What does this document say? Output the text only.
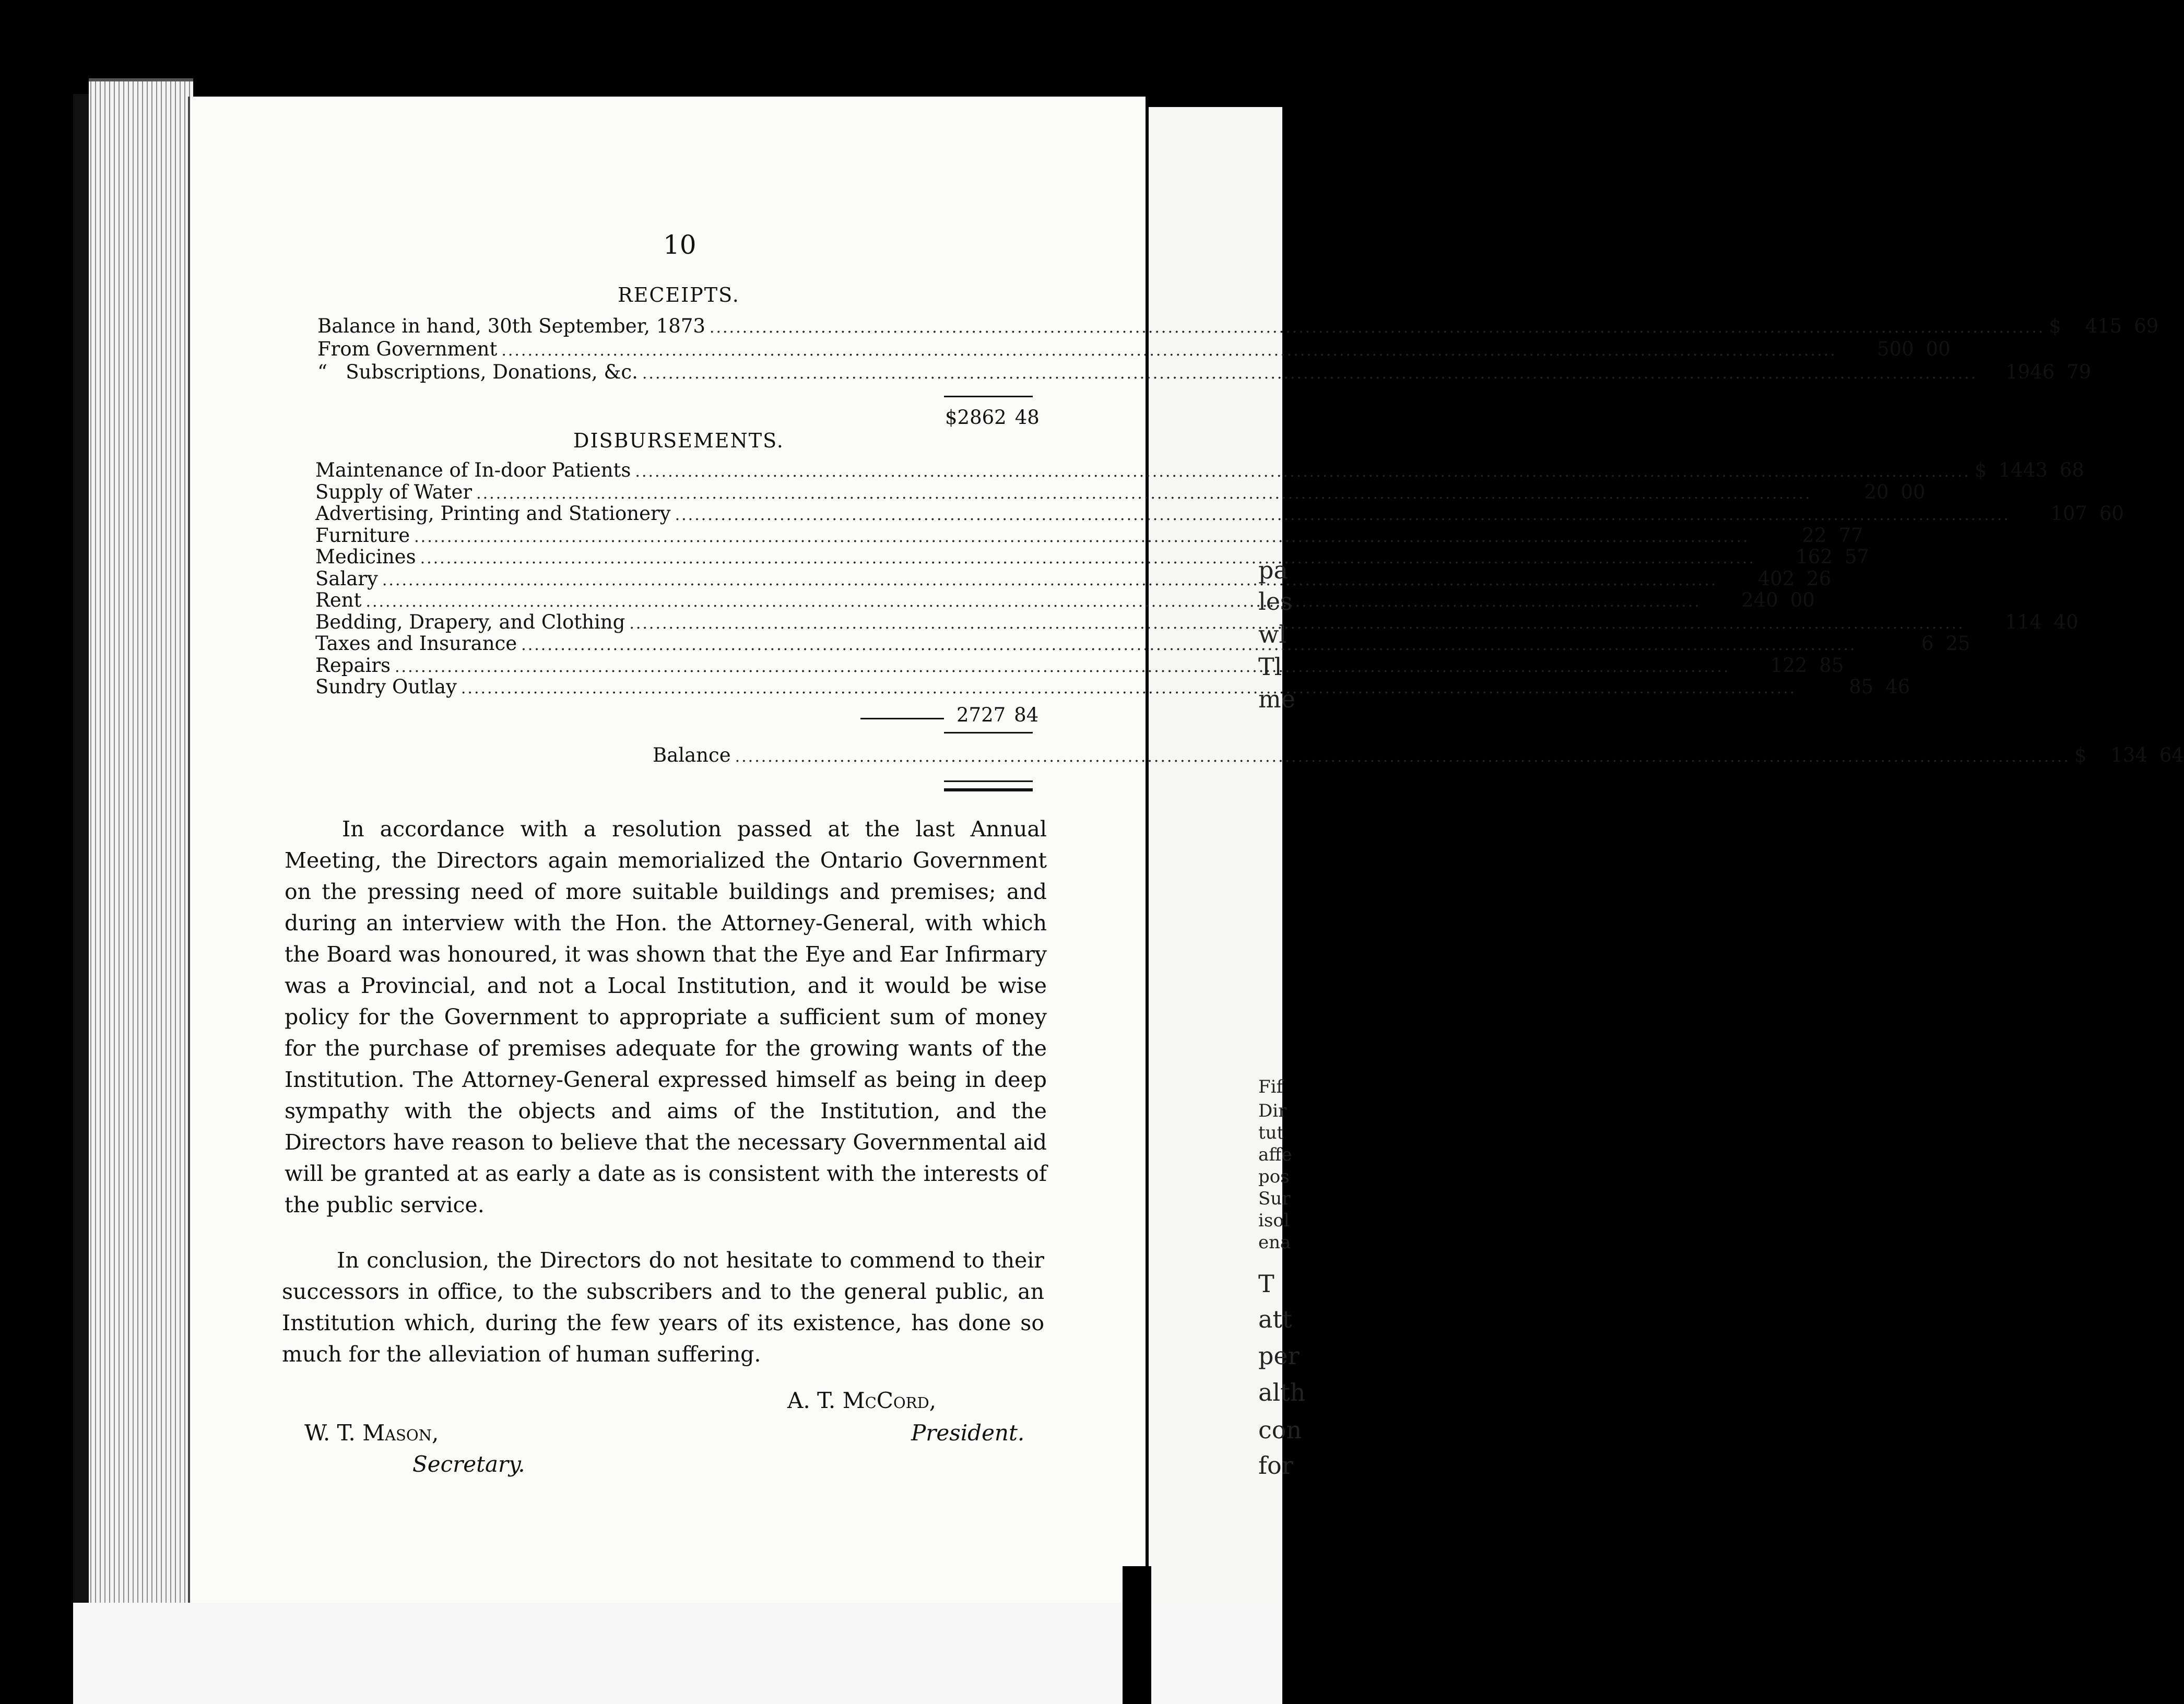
pa
les
wl
Tl
me
Fif
Dir
tut
affe
pos
Sur
isol
ena
T
att
per
alth
con
for
10
RECEIPTS.
Balance in hand, 30th September, 1873 .....	$	415 69
From Government .....	500 00
“   Subscriptions, Donations, &c. .....	1946 79
$2862 48
DISBURSEMENTS.
Maintenance of In-door Patients .....	$ 1443 68
Supply of Water .....	20 00
Advertising, Printing and Stationery .....	107 60
Furniture .....	22 77
Medicines .....	162 57
Salary .....	402 26
Rent .....	240 00
Bedding, Drapery, and Clothing .....	114 40
Taxes and Insurance .....	6 25
Repairs .....	122 85
Sundry Outlay .....	85 46
2727 84
Balance .....	$	134 64
In accordance with a resolution passed at the last Annual Meeting, the Directors again memorialized the Ontario Government on the pressing need of more suitable buildings and premises; and during an interview with the Hon. the Attorney-General, with which the Board was honoured, it was shown that the Eye and Ear Infirmary was a Provincial, and not a Local Institution, and it would be wise policy for the Government to appropriate a sufficient sum of money for the purchase of premises adequate for the growing wants of the Institution. The Attorney-General expressed himself as being in deep sympathy with the objects and aims of the Institution, and the Directors have reason to believe that the necessary Governmental aid will be granted at as early a date as is consistent with the interests of the public service.
In conclusion, the Directors do not hesitate to commend to their successors in office, to the subscribers and to the general public, an Institution which, during the few years of its existence, has done so much for the alleviation of human suffering.
A. T. McCord,
President.
W. T. Mason,
Secretary.
